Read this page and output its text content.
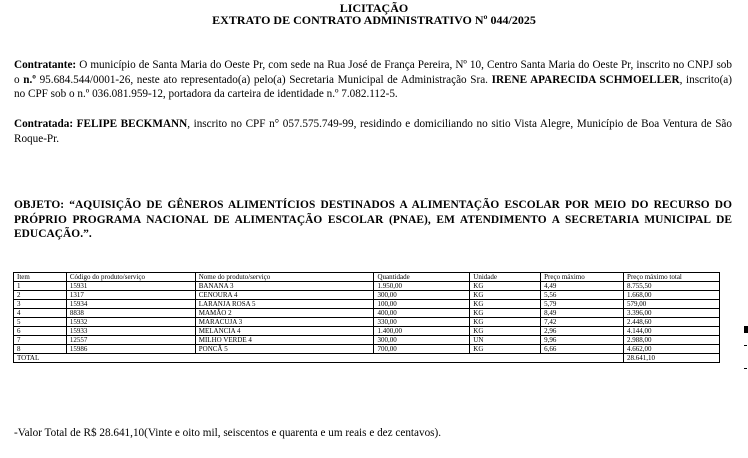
LICITAÇÃO
EXTRATO DE CONTRATO ADMINISTRATIVO Nº 044/2025
Contratante: O município de Santa Maria do Oeste Pr, com sede na Rua José de França Pereira, Nº 10, Centro Santa Maria do Oeste Pr, inscrito no CNPJ sob o n.º 95.684.544/0001-26, neste ato representado(a) pelo(a) Secretaria Municipal de Administração Sra. IRENE APARECIDA SCHMOELLER, inscrito(a) no CPF sob o n.º 036.081.959-12, portadora da carteira de identidade n.º 7.082.112-5.
Contratada: FELIPE BECKMANN, inscrito no CPF n° 057.575.749-99, residindo e domiciliando no sitio Vista Alegre, Município de Boa Ventura de São Roque-Pr.
OBJETO: “AQUISIÇÃO DE GÊNEROS ALIMENTÍCIOS DESTINADOS A ALIMENTAÇÃO ESCOLAR POR MEIO DO RECURSO DO PRÓPRIO PROGRAMA NACIONAL DE ALIMENTAÇÃO ESCOLAR (PNAE), EM ATENDIMENTO A SECRETARIA MUNICIPAL DE EDUCAÇÃO.”.
Item	Código do produto/serviço	Nome do produto/serviço	Quantidade	Unidade	Preço máximo	Preço máximo total
1	15931	BANANA 3	1.950,00	KG	4,49	8.755,50
2	1317	CENOURA 4	300,00	KG	5,56	1.668,00
3	15934	LARANJA ROSA 5	100,00	KG	5,79	579,00
4	8838	MAMÃO 2	400,00	KG	8,49	3.396,00
5	15932	MARACUJA 3	330,00	KG	7,42	2.448,60
6	15933	MELANCIA 4	1.400,00	KG	2,96	4.144,00
7	12557	MILHO VERDE 4	300,00	UN	9,96	2.988,00
8	15986	PONCÃ 5	700,00	KG	6,66	4.662,00
TOTAL						28.641,10
-Valor Total de R$ 28.641,10(Vinte e oito mil, seiscentos e quarenta e um reais e dez centavos).
